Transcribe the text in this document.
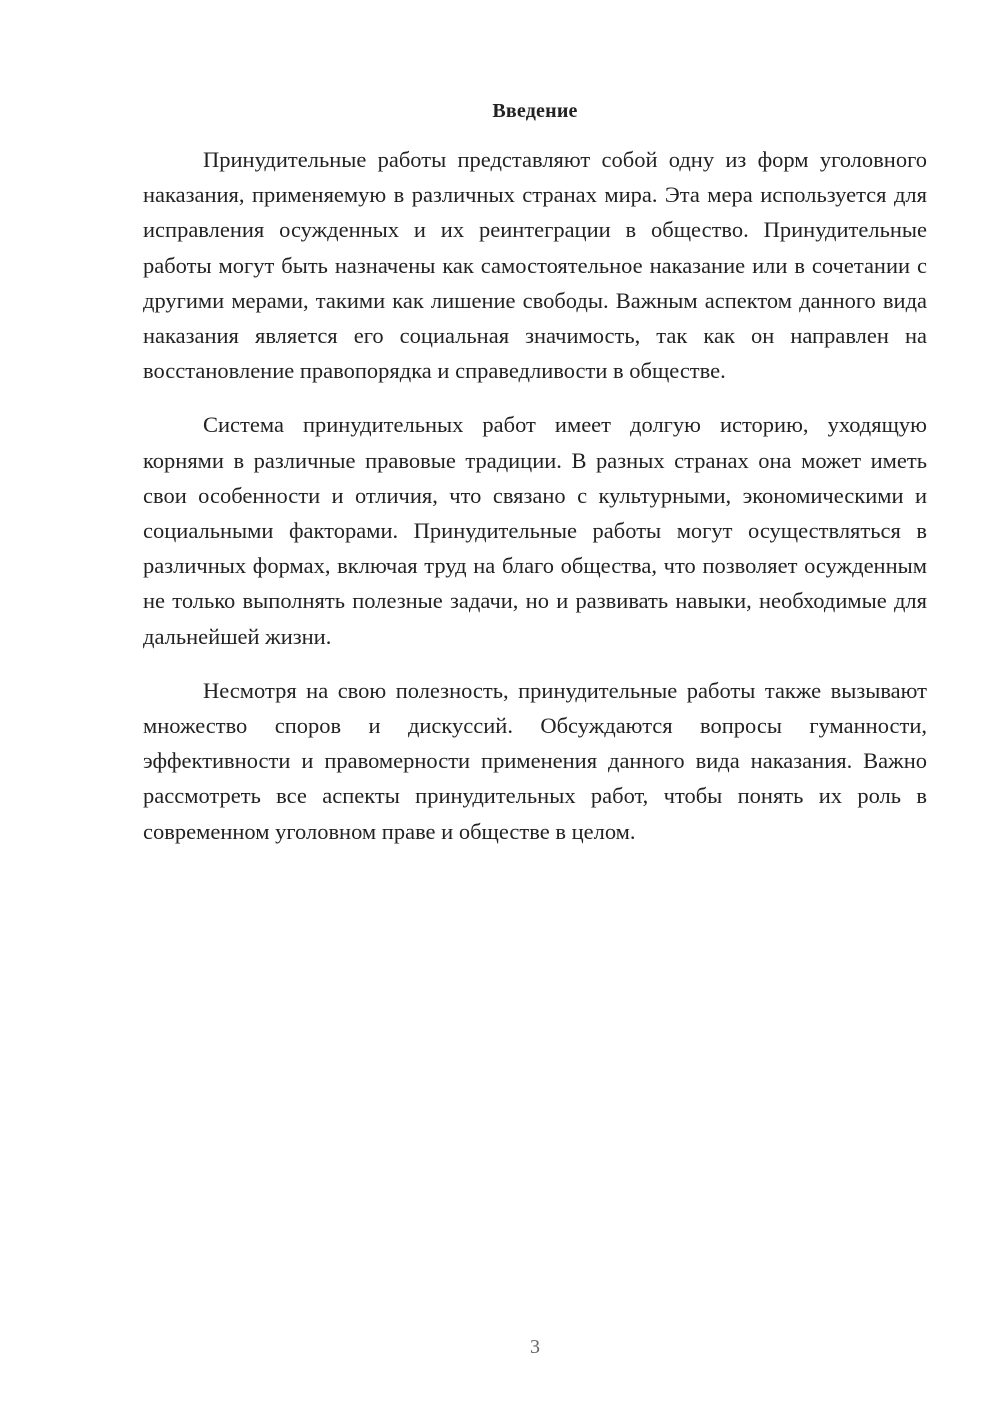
Введение

Принудительные работы представляют собой одну из форм уголовного наказания, применяемую в различных странах мира. Эта мера используется для исправления осужденных и их реинтеграции в общество. Принудительные работы могут быть назначены как самостоятельное наказание или в сочетании с другими мерами, такими как лишение свободы. Важным аспектом данного вида наказания является его социальная значимость, так как он направлен на восстановление правопорядка и справедливости в обществе.

Система принудительных работ имеет долгую историю, уходящую корнями в различные правовые традиции. В разных странах она может иметь свои особенности и отличия, что связано с культурными, экономическими и социальными факторами. Принудительные работы могут осуществляться в различных формах, включая труд на благо общества, что позволяет осужденным не только выполнять полезные задачи, но и развивать навыки, необходимые для дальнейшей жизни.

Несмотря на свою полезность, принудительные работы также вызывают множество споров и дискуссий. Обсуждаются вопросы гуманности, эффективности и правомерности применения данного вида наказания. Важно рассмотреть все аспекты принудительных работ, чтобы понять их роль в современном уголовном праве и обществе в целом.

3
